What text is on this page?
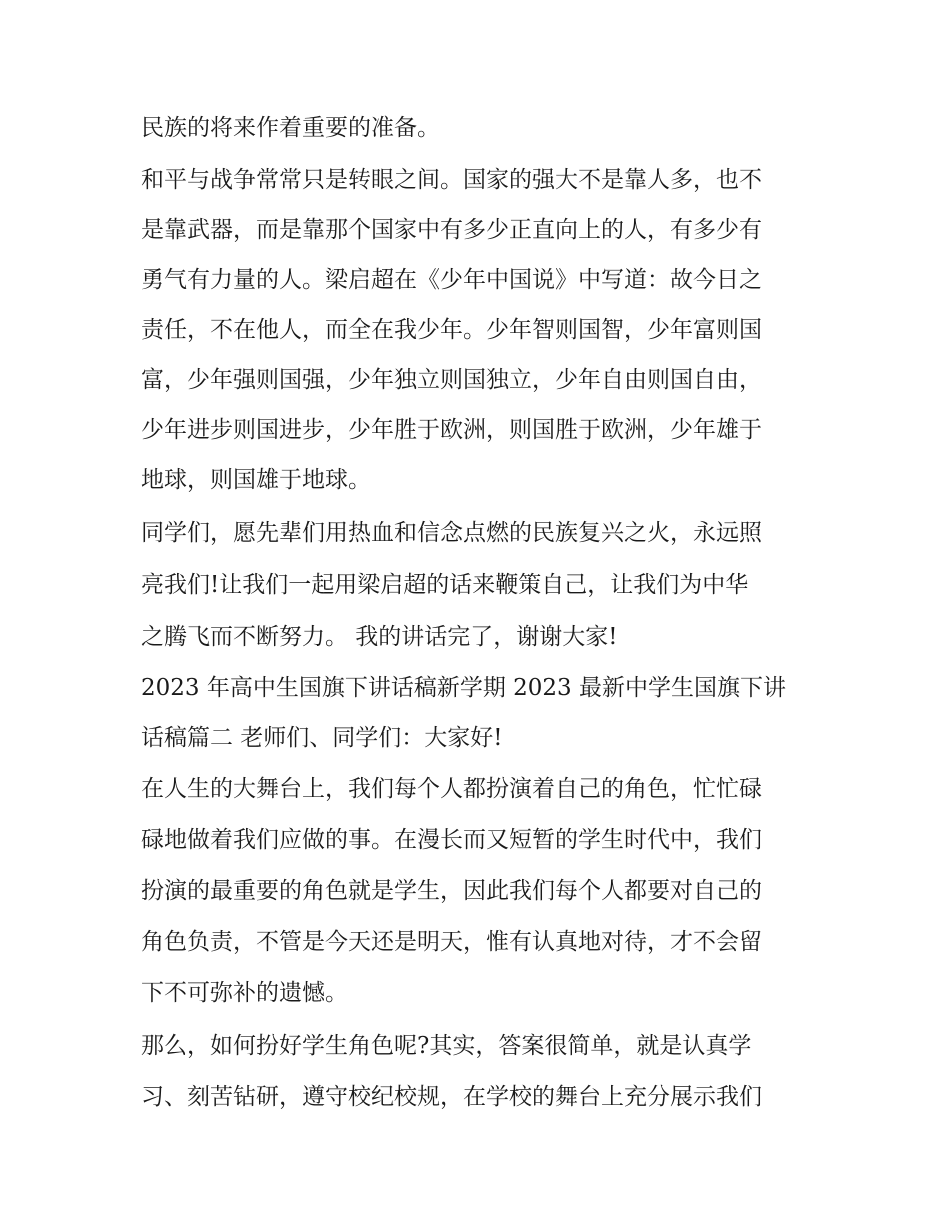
民族的将来作着重要的准备。
和平与战争常常只是转眼之间。国家的强大不是靠人多，也不
是靠武器，而是靠那个国家中有多少正直向上的人，有多少有
勇气有力量的人。梁启超在《少年中国说》中写道：故今日之
责任，不在他人，而全在我少年。少年智则国智，少年富则国
富，少年强则国强，少年独立则国独立，少年自由则国自由，
少年进步则国进步，少年胜于欧洲，则国胜于欧洲，少年雄于
地球，则国雄于地球。
同学们，愿先辈们用热血和信念点燃的民族复兴之火，永远照
亮我们!让我们一起用梁启超的话来鞭策自己，让我们为中华
之腾飞而不断努力。 我的讲话完了，谢谢大家!
2023 年高中生国旗下讲话稿新学期 2023 最新中学生国旗下讲
话稿篇二 老师们、同学们：大家好!
在人生的大舞台上，我们每个人都扮演着自己的角色，忙忙碌
碌地做着我们应做的事。在漫长而又短暂的学生时代中，我们
扮演的最重要的角色就是学生，因此我们每个人都要对自己的
角色负责，不管是今天还是明天，惟有认真地对待，才不会留
下不可弥补的遗憾。
那么，如何扮好学生角色呢?其实，答案很简单，就是认真学
习、刻苦钻研，遵守校纪校规，在学校的舞台上充分展示我们
